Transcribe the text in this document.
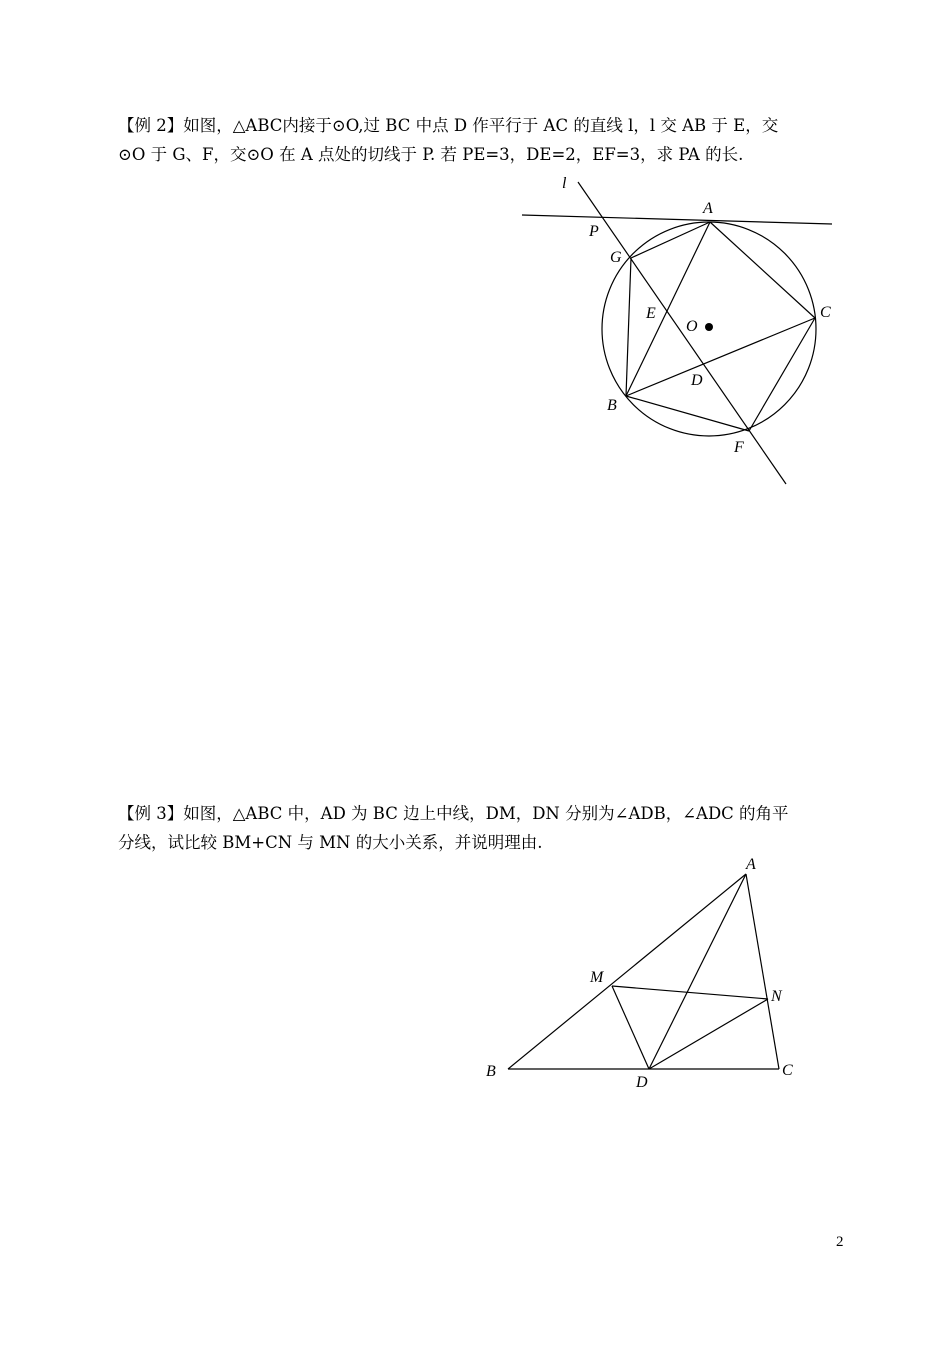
【例 2】如图，△ABC内接于⊙O,过 BC 中点 D 作平行于 AC 的直线 l，l 交 AB 于 E，交
⊙O 于 G、F，交⊙O 在 A 点处的切线于 P. 若 PE=3，DE=2，EF=3，求 PA 的长.

l
A
P
G
E
O
C
D
B
F

【例 3】如图，△ABC 中，AD 为 BC 边上中线，DM，DN 分别为∠ADB，∠ADC 的角平
分线，试比较 BM+CN 与 MN 的大小关系，并说明理由.

A
M
N
B
D
C
2
